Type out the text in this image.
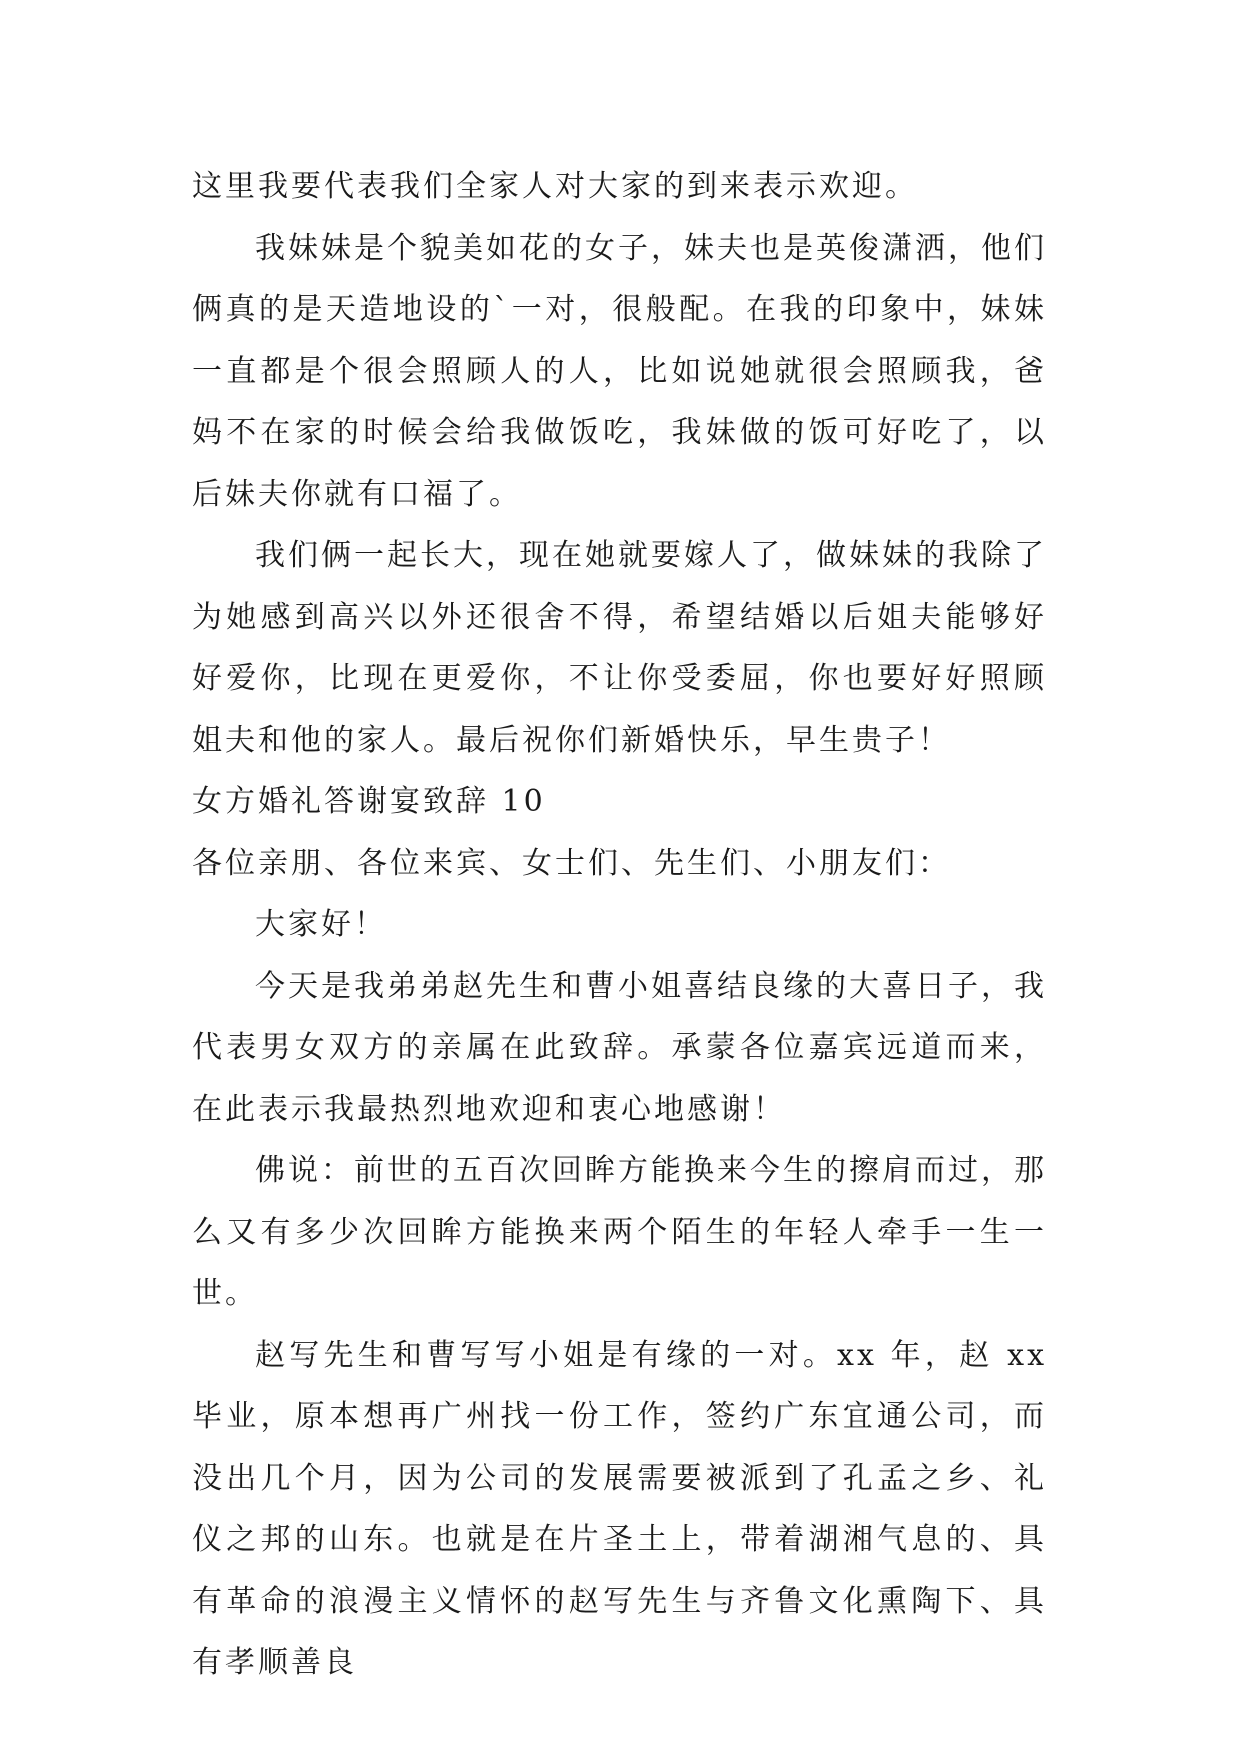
这里我要代表我们全家人对大家的到来表示欢迎。

我妹妹是个貌美如花的女子，妹夫也是英俊潇洒，他们俩真的是天造地设的`一对，很般配。在我的印象中，妹妹一直都是个很会照顾人的人，比如说她就很会照顾我，爸妈不在家的时候会给我做饭吃，我妹做的饭可好吃了，以后妹夫你就有口福了。

我们俩一起长大，现在她就要嫁人了，做妹妹的我除了为她感到高兴以外还很舍不得，希望结婚以后姐夫能够好好爱你，比现在更爱你，不让你受委屈，你也要好好照顾姐夫和他的家人。最后祝你们新婚快乐，早生贵子！

女方婚礼答谢宴致辞 10

各位亲朋、各位来宾、女士们、先生们、小朋友们：

大家好！

今天是我弟弟赵先生和曹小姐喜结良缘的大喜日子，我代表男女双方的亲属在此致辞。承蒙各位嘉宾远道而来，在此表示我最热烈地欢迎和衷心地感谢！

佛说：前世的五百次回眸方能换来今生的擦肩而过，那么又有多少次回眸方能换来两个陌生的年轻人牵手一生一世。

赵写先生和曹写写小姐是有缘的一对。xx 年，赵 xx 毕业，原本想再广州找一份工作，签约广东宜通公司，而没出几个月，因为公司的发展需要被派到了孔孟之乡、礼仪之邦的山东。也就是在片圣土上，带着湖湘气息的、具有革命的浪漫主义情怀的赵写先生与齐鲁文化熏陶下、具有孝顺善良
